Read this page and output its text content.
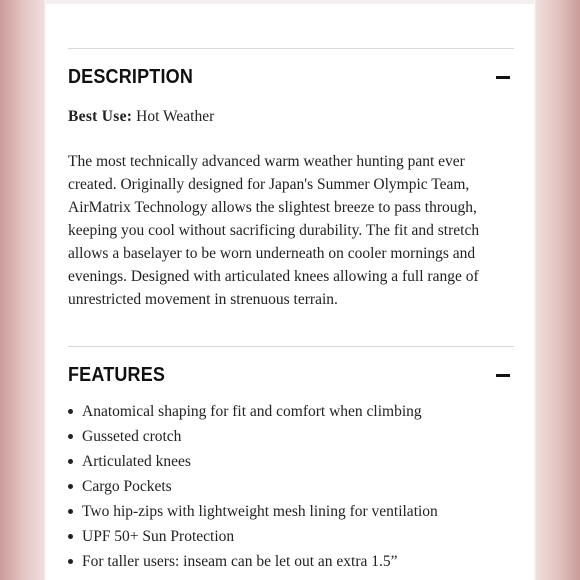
DESCRIPTION
Best Use: Hot Weather

The most technically advanced warm weather hunting pant ever created. Originally designed for Japan's Summer Olympic Team, AirMatrix Technology allows the slightest breeze to pass through, keeping you cool without sacrificing durability. The fit and stretch allows a baselayer to be worn underneath on cooler mornings and evenings. Designed with articulated knees allowing a full range of unrestricted movement in strenuous terrain.

FEATURES
Anatomical shaping for fit and comfort when climbing
Gusseted crotch
Articulated knees
Cargo Pockets
Two hip-zips with lightweight mesh lining for ventilation
UPF 50+ Sun Protection
For taller users: inseam can be let out an extra 1.5”
